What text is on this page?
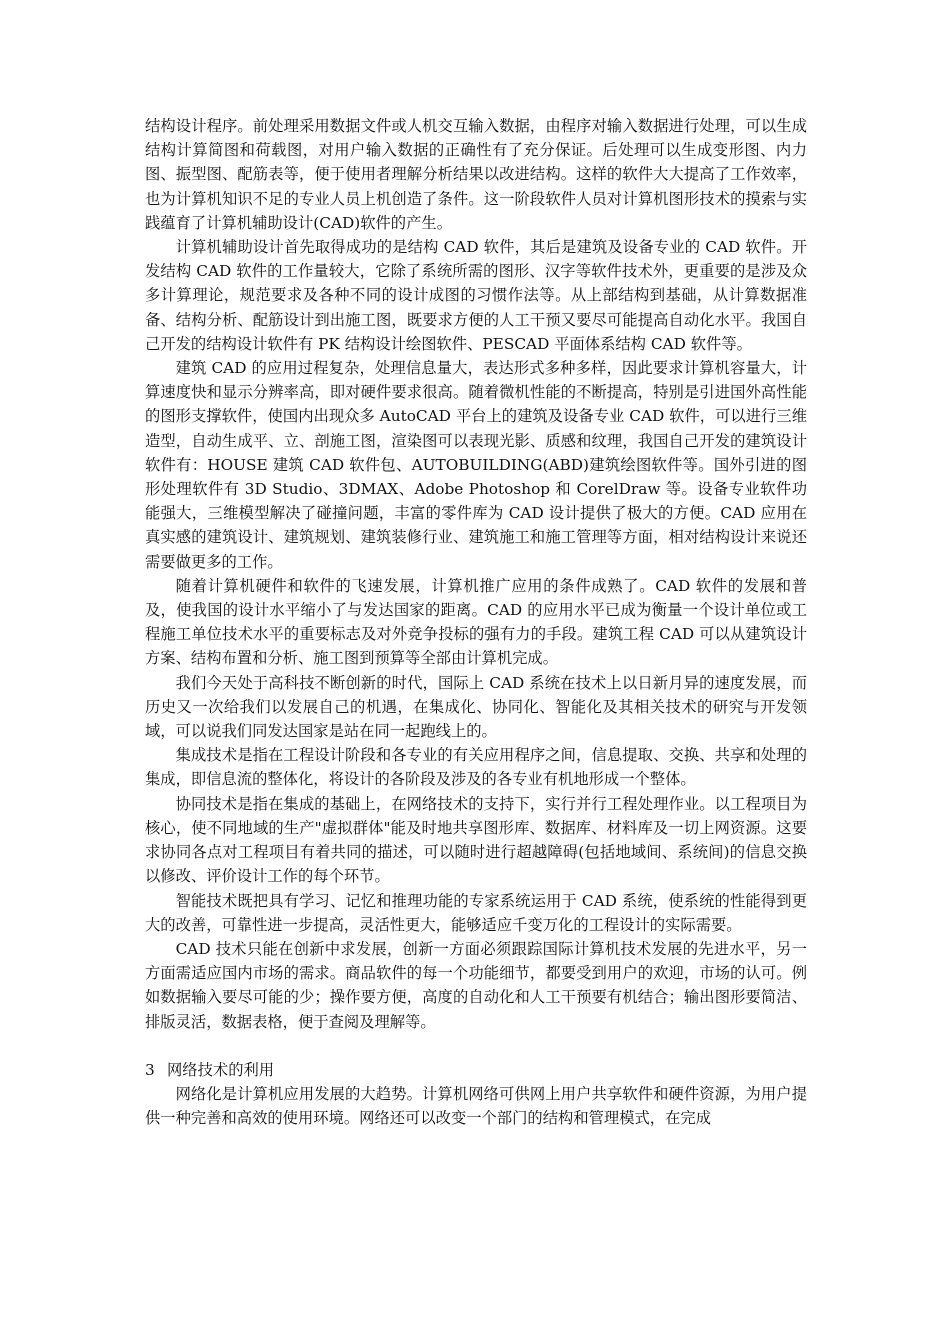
结构设计程序。前处理采用数据文件或人机交互输入数据，由程序对输入数据进行处理，可以生成结构计算简图和荷载图，对用户输入数据的正确性有了充分保证。后处理可以生成变形图、内力图、振型图、配筋表等，便于使用者理解分析结果以改进结构。这样的软件大大提高了工作效率，也为计算机知识不足的专业人员上机创造了条件。这一阶段软件人员对计算机图形技术的摸索与实践蕴育了计算机辅助设计(CAD)软件的产生。

计算机辅助设计首先取得成功的是结构 CAD 软件，其后是建筑及设备专业的 CAD 软件。开发结构 CAD 软件的工作量较大，它除了系统所需的图形、汉字等软件技术外，更重要的是涉及众多计算理论，规范要求及各种不同的设计成图的习惯作法等。从上部结构到基础，从计算数据准备、结构分析、配筋设计到出施工图，既要求方便的人工干预又要尽可能提高自动化水平。我国自己开发的结构设计软件有 PK 结构设计绘图软件、PESCAD 平面体系结构 CAD 软件等。

建筑 CAD 的应用过程复杂，处理信息量大，表达形式多种多样，因此要求计算机容量大，计算速度快和显示分辨率高，即对硬件要求很高。随着微机性能的不断提高，特别是引进国外高性能的图形支撑软件，使国内出现众多 AutoCAD 平台上的建筑及设备专业 CAD 软件，可以进行三维造型，自动生成平、立、剖施工图，渲染图可以表现光影、质感和纹理，我国自己开发的建筑设计软件有：HOUSE 建筑 CAD 软件包、AUTOBUILDING(ABD)建筑绘图软件等。国外引进的图形处理软件有 3D Studio、3DMAX、Adobe Photoshop 和 CorelDraw 等。设备专业软件功能强大，三维模型解决了碰撞问题，丰富的零件库为 CAD 设计提供了极大的方便。CAD 应用在真实感的建筑设计、建筑规划、建筑装修行业、建筑施工和施工管理等方面，相对结构设计来说还需要做更多的工作。

随着计算机硬件和软件的飞速发展，计算机推广应用的条件成熟了。CAD 软件的发展和普及，使我国的设计水平缩小了与发达国家的距离。CAD 的应用水平已成为衡量一个设计单位或工程施工单位技术水平的重要标志及对外竞争投标的强有力的手段。建筑工程 CAD 可以从建筑设计方案、结构布置和分析、施工图到预算等全部由计算机完成。

我们今天处于高科技不断创新的时代，国际上 CAD 系统在技术上以日新月异的速度发展，而历史又一次给我们以发展自己的机遇，在集成化、协同化、智能化及其相关技术的研究与开发领域，可以说我们同发达国家是站在同一起跑线上的。

集成技术是指在工程设计阶段和各专业的有关应用程序之间，信息提取、交换、共享和处理的集成，即信息流的整体化，将设计的各阶段及涉及的各专业有机地形成一个整体。

协同技术是指在集成的基础上，在网络技术的支持下，实行并行工程处理作业。以工程项目为核心，使不同地域的生产"虚拟群体"能及时地共享图形库、数据库、材料库及一切上网资源。这要求协同各点对工程项目有着共同的描述，可以随时进行超越障碍(包括地域间、系统间)的信息交换以修改、评价设计工作的每个环节。

智能技术既把具有学习、记忆和推理功能的专家系统运用于 CAD 系统，使系统的性能得到更大的改善，可靠性进一步提高，灵活性更大，能够适应千变万化的工程设计的实际需要。

CAD 技术只能在创新中求发展，创新一方面必须跟踪国际计算机技术发展的先进水平，另一方面需适应国内市场的需求。商品软件的每一个功能细节，都要受到用户的欢迎，市场的认可。例如数据输入要尽可能的少；操作要方便，高度的自动化和人工干预要有机结合；输出图形要简洁、排版灵活，数据表格，便于查阅及理解等。

3 网络技术的利用

网络化是计算机应用发展的大趋势。计算机网络可供网上用户共享软件和硬件资源，为用户提供一种完善和高效的使用环境。网络还可以改变一个部门的结构和管理模式，在完成
